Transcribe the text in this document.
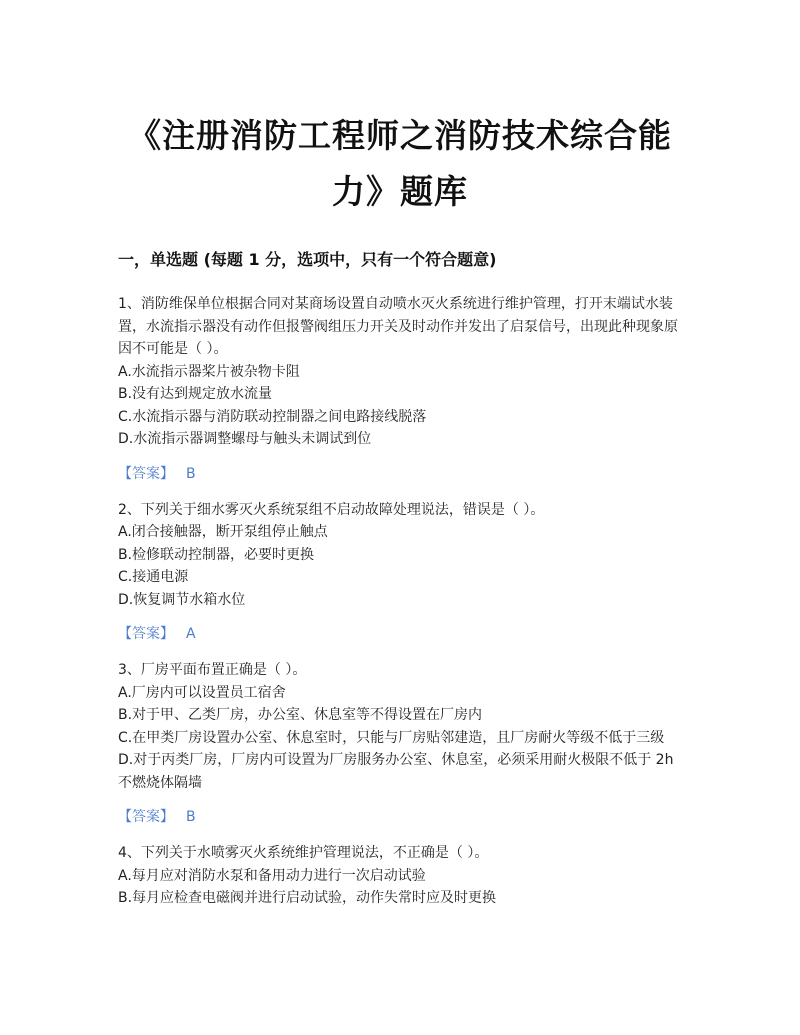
《注册消防工程师之消防技术综合能
力》题库
一，单选题 (每题 1 分，选项中，只有一个符合题意)
1、消防维保单位根据合同对某商场设置自动喷水灭火系统进行维护管理，打开末端试水装置，水流指示器没有动作但报警阀组压力开关及时动作并发出了启泵信号，出现此种现象原因不可能是（ ）。
A.水流指示器桨片被杂物卡阻
B.没有达到规定放水流量
C.水流指示器与消防联动控制器之间电路接线脱落
D.水流指示器调整螺母与触头未调试到位
【答案】 B
2、下列关于细水雾灭火系统泵组不启动故障处理说法，错误是（ ）。
A.闭合接触器，断开泵组停止触点
B.检修联动控制器，必要时更换
C.接通电源
D.恢复调节水箱水位
【答案】 A
3、厂房平面布置正确是（ ）。
A.厂房内可以设置员工宿舍
B.对于甲、乙类厂房，办公室、休息室等不得设置在厂房内
C.在甲类厂房设置办公室、休息室时，只能与厂房贴邻建造，且厂房耐火等级不低于三级
D.对于丙类厂房，厂房内可设置为厂房服务办公室、休息室，必须采用耐火极限不低于 2h 不燃烧体隔墙
【答案】 B
4、下列关于水喷雾灭火系统维护管理说法，不正确是（ ）。
A.每月应对消防水泵和备用动力进行一次启动试验
B.每月应检查电磁阀并进行启动试验，动作失常时应及时更换
